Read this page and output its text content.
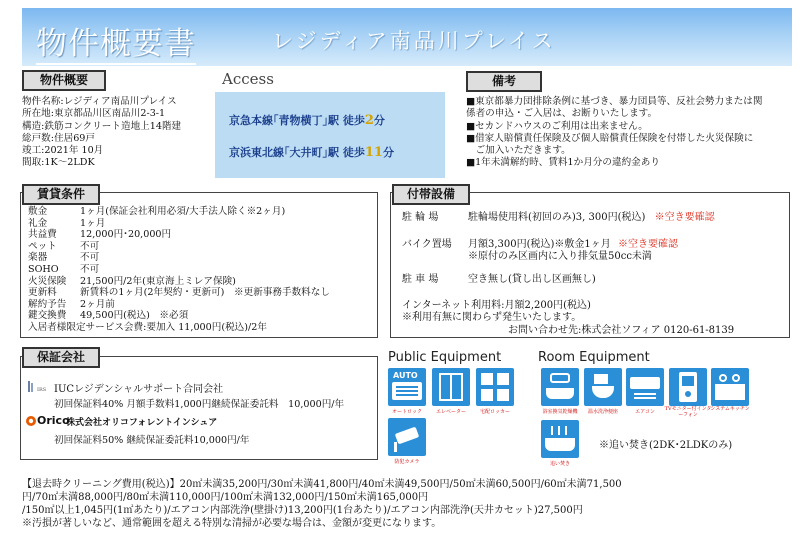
物件概要書	レジディア南品川プレイス
物件概要
物件名称:レジディア南品川プレイス
所在地:東京都品川区南品川2-3-1
構造:鉄筋コンクリート造地上14階建
総戸数:住居69戸
竣工:2021年 10月
間取:1K～2LDK
Access
京急本線｢青物横丁｣駅 徒歩2分
京浜東北線｢大井町｣駅 徒歩11分
備考
■東京都暴力団排除条例に基づき、暴力団員等、反社会勢力または関
係者の申込・ご入居は、お断りいたします。
■セカンドハウスのご利用は出来ません。
■借家人賠償責任保険及び個人賠償責任保険を付帯した火災保険に
　ご加入いただきます。
■1年未満解約時、賃料1か月分の違約金あり
賃貸条件
敷金	1ヶ月(保証会社利用必須/大手法人除く※2ヶ月)
礼金	1ヶ月
共益費	12,000円･20,000円
ペット	不可
楽器	不可
SOHO	不可
火災保険	21,500円/2年(東京海上ミレア保険)
更新料	新賃料の1ヶ月(2年契約・更新可)　※更新事務手数料なし
解約予告	2ヶ月前
鍵交換費	49,500円(税込)　※必須
入居者様限定サービス会費:要加入 11,000円(税込)/2年
付帯設備
駐 輪 場	駐輪場使用料(初回のみ)3, 300円(税込) ※空き要確認
バイク置場 月額3,300円(税込)※敷金1ヶ月 ※空き要確認
※原付のみ区画内に入り排気量50cc未満
駐 車 場	空き無し(貸し出し区画無し)
インターネット利用料:月額2,200円(税込)
※利用有無に関わらず発生いたします。
お問い合わせ先:株式会社ソフィア 0120-61-8139
保証会社
IRS IUCレジデンシャルサポート合同会社
初回保証料40% 月額手数料1,000円継続保証委託料　10,000円/年
Orico
株式会社オリコフォレントインシュア
初回保証料50% 継続保証委託料10,000円/年
Public Equipment
AUTO
オートロック	エレベーター	宅配ロッカー
防犯カメラ
Room Equipment
浴室換気乾燥機	温水洗浄便座	エアコン	TVモニター付インターフォン
システムキッチン
追い焚き
※追い焚き(2DK･2LDKのみ)
【退去時クリーニング費用(税込)】20㎡未満35,200円/30㎡未満41,800円/40㎡未満49,500円/50㎡未満60,500円/60㎡未満71,500
円/70㎡未満88,000円/80㎡未満110,000円/100㎡未満132,000円/150㎡未満165,000円
/150㎡以上1,045円(1㎡あたり)/エアコン内部洗浄(壁掛け)13,200円(1台あたり)/エアコン内部洗浄(天井カセット)27,500円
※汚損が著しいなど、通常範囲を超える特別な清掃が必要な場合は、金額が変更になります。
